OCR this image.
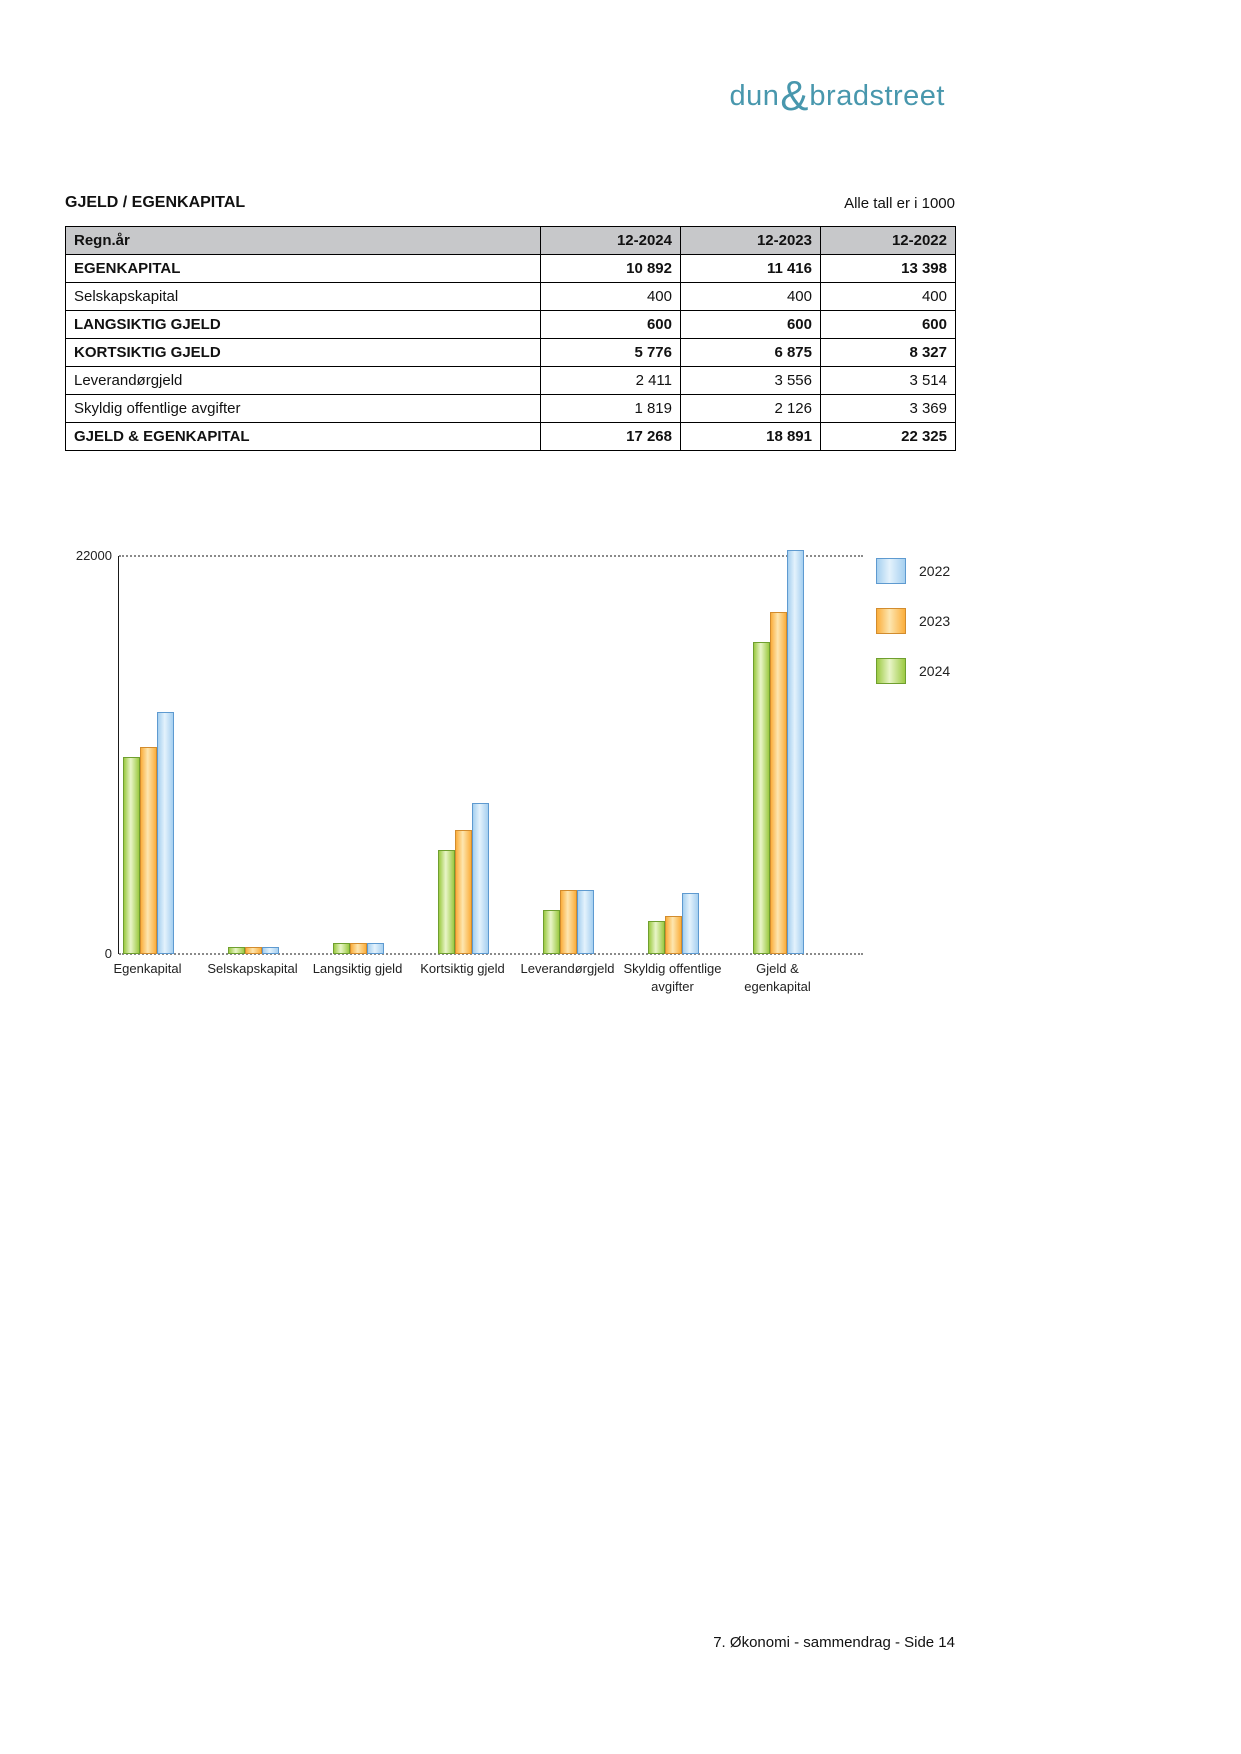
dun&bradstreet
GJELD / EGENKAPITAL	Alle tall er i 1000
Regn.år	12-2024	12-2023	12-2022
EGENKAPITAL	10 892	11 416	13 398
Selskapskapital	400	400	400
LANGSIKTIG GJELD	600	600	600
KORTSIKTIG GJELD	5 776	6 875	8 327
Leverandørgjeld	2 411	3 556	3 514
Skyldig offentlige avgifter	1 819	2 126	3 369
GJELD & EGENKAPITAL	17 268	18 891	22 325
22000
0
Egenkapital	Selskapskapital	Langsiktig gjeld	Kortsiktig gjeld	Leverandørgjeld Skyldig offentlige avgifter
Gjeld & egenkapital
2022
2023
2024
7. Økonomi - sammendrag - Side 14
